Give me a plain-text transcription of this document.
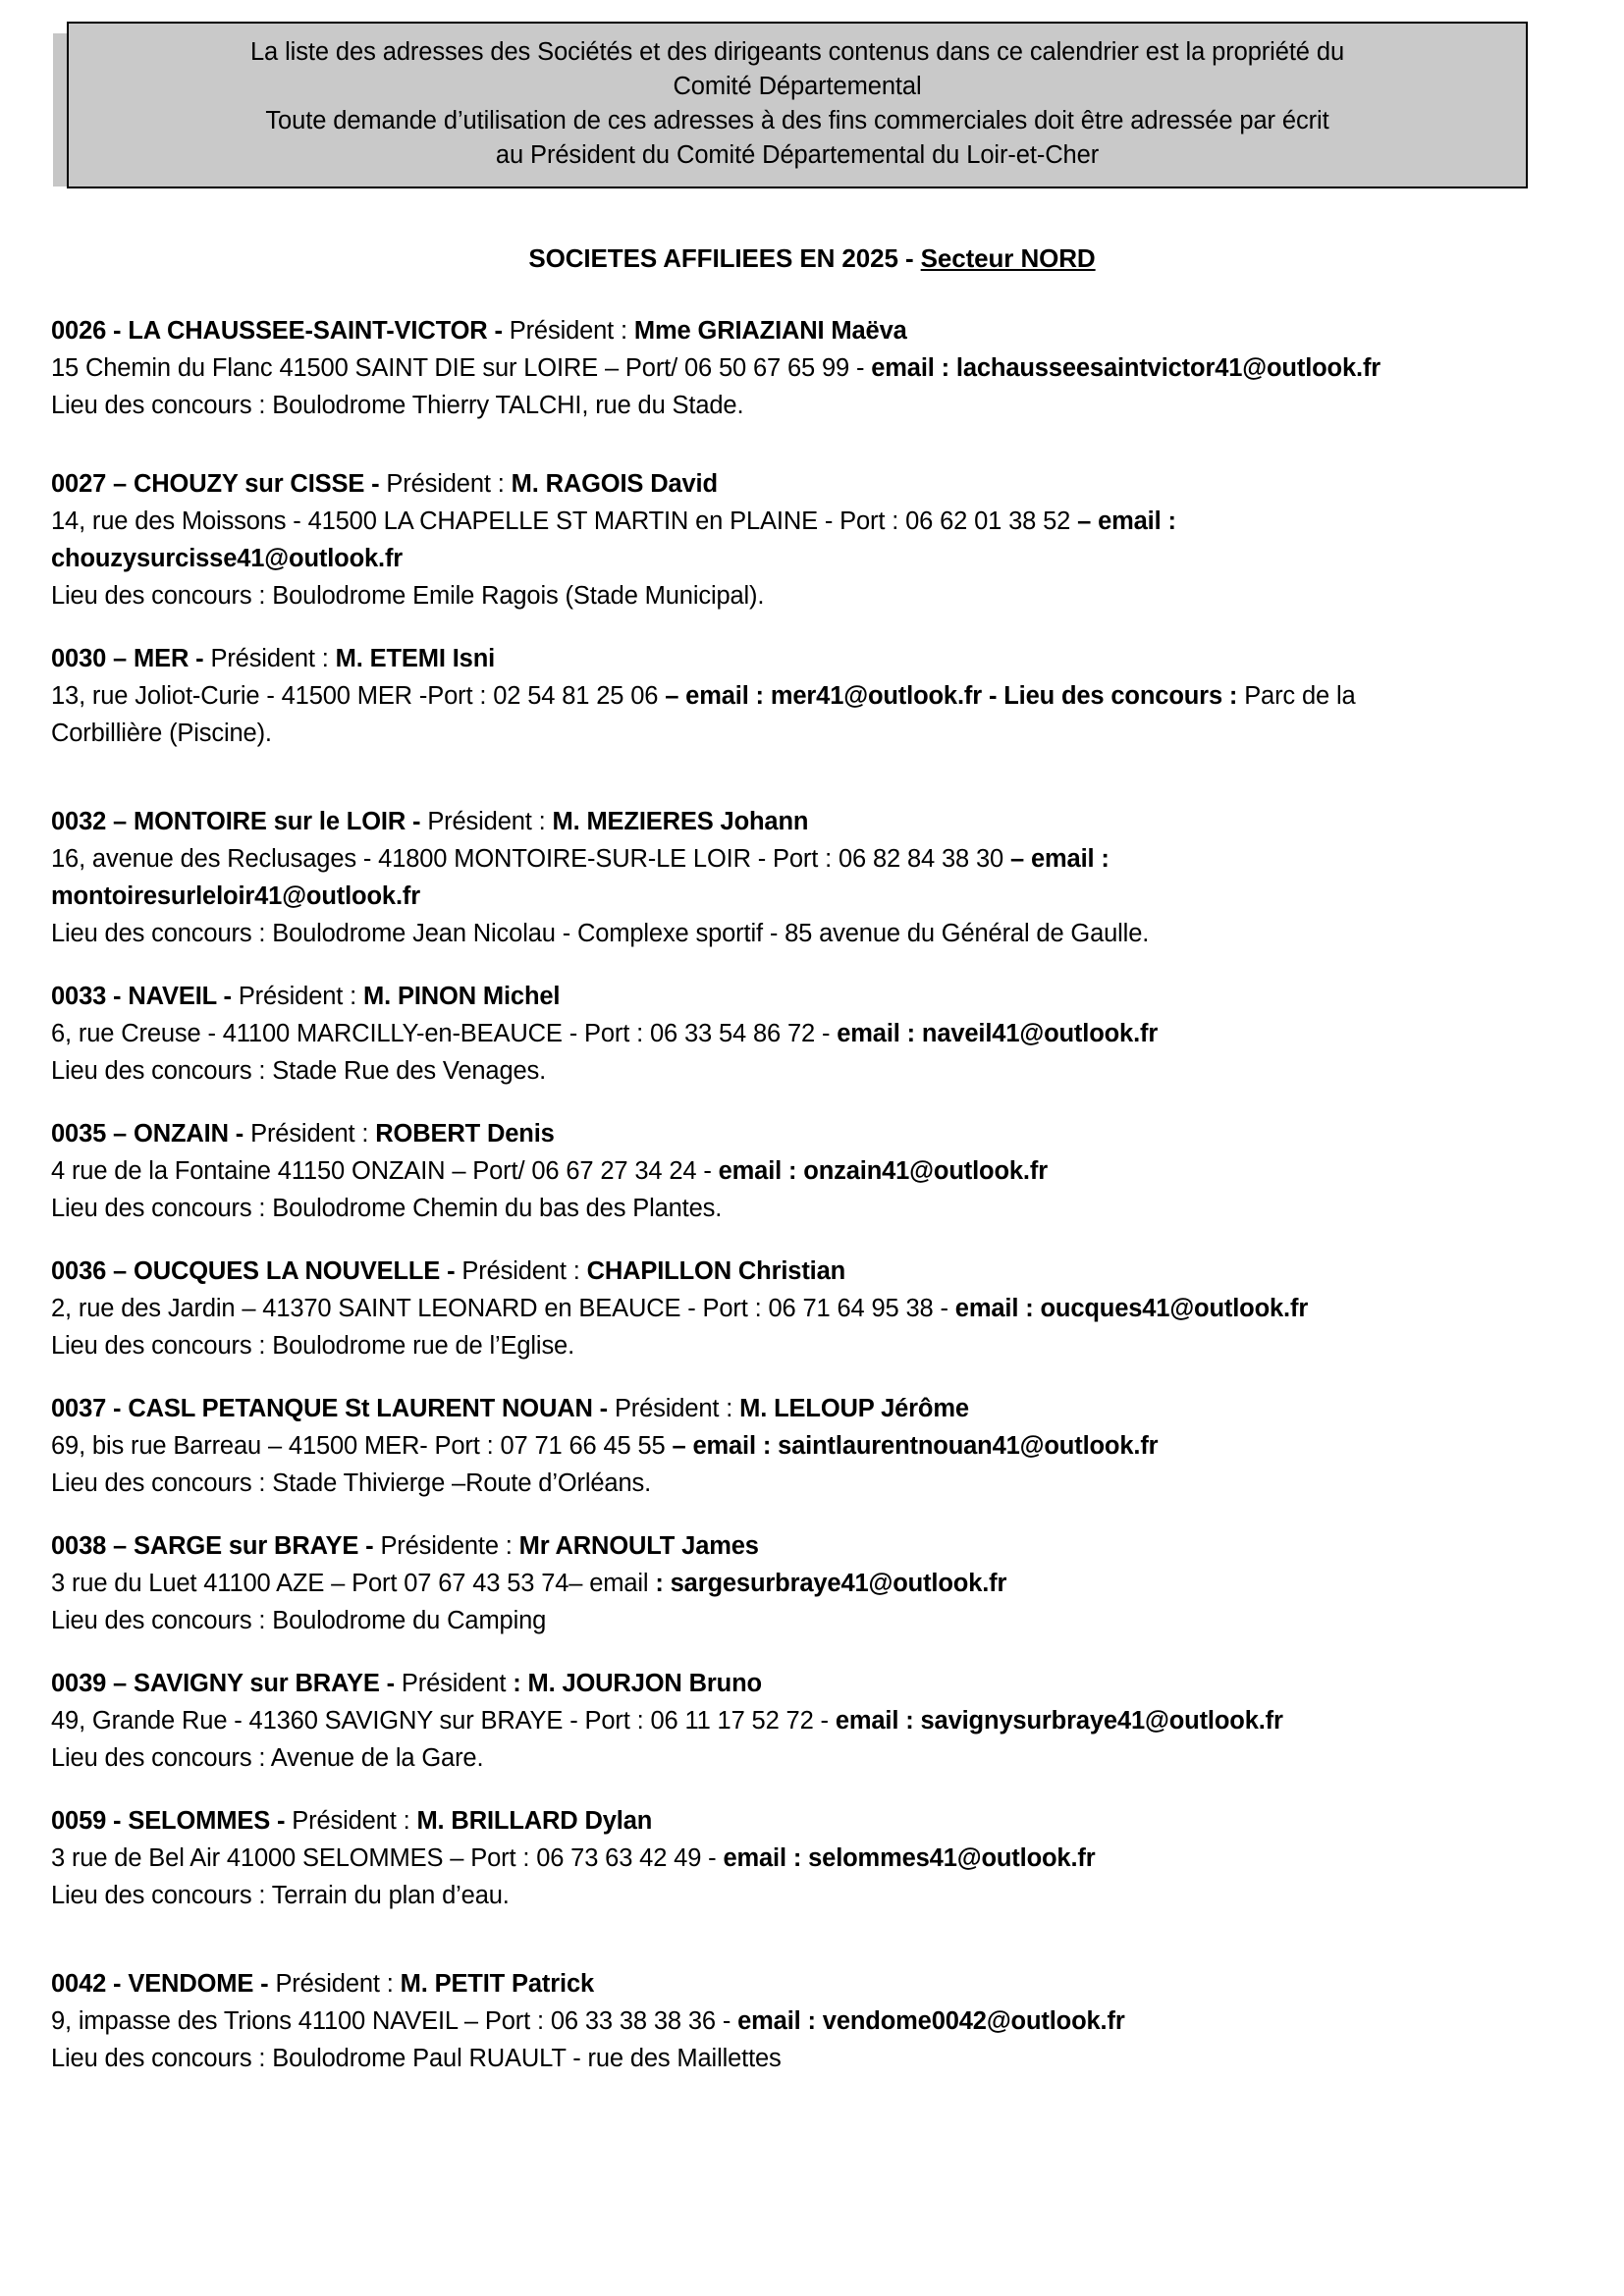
La liste des adresses des Sociétés et des dirigeants contenus dans ce calendrier est la propriété du
Comité Départemental
Toute demande d’utilisation de ces adresses à des fins commerciales doit être adressée par écrit
au Président du Comité Départemental du Loir-et-Cher
SOCIETES AFFILIEES EN 2025 - Secteur NORD
0026 - LA CHAUSSEE-SAINT-VICTOR - Président : Mme GRIAZIANI Maëva
15 Chemin du Flanc 41500 SAINT DIE sur LOIRE – Port/ 06 50 67 65 99 - email : lachausseesaintvictor41@outlook.fr
Lieu des concours : Boulodrome Thierry TALCHI, rue du Stade.
0027 – CHOUZY sur CISSE - Président : M. RAGOIS David
14, rue des Moissons - 41500 LA CHAPELLE ST MARTIN en PLAINE - Port : 06 62 01 38 52 – email :
chouzysurcisse41@outlook.fr
Lieu des concours : Boulodrome Emile Ragois (Stade Municipal).
0030 – MER - Président : M. ETEMI Isni
13, rue Joliot-Curie - 41500 MER -Port : 02 54 81 25 06 – email : mer41@outlook.fr - Lieu des concours : Parc de la
Corbillière (Piscine).
0032 – MONTOIRE sur le LOIR - Président : M. MEZIERES Johann
16, avenue des Reclusages - 41800 MONTOIRE-SUR-LE LOIR - Port : 06 82 84 38 30 – email :
montoiresurleloir41@outlook.fr
Lieu des concours : Boulodrome Jean Nicolau - Complexe sportif - 85 avenue du Général de Gaulle.
0033 - NAVEIL - Président : M. PINON Michel
6, rue Creuse - 41100 MARCILLY-en-BEAUCE - Port : 06 33 54 86 72 - email : naveil41@outlook.fr
Lieu des concours : Stade Rue des Venages.
0035 – ONZAIN - Président : ROBERT Denis
4 rue de la Fontaine 41150 ONZAIN – Port/ 06 67 27 34 24 - email : onzain41@outlook.fr
Lieu des concours : Boulodrome Chemin du bas des Plantes.
0036 – OUCQUES LA NOUVELLE - Président : CHAPILLON Christian
2, rue des Jardin – 41370 SAINT LEONARD en BEAUCE - Port : 06 71 64 95 38 - email : oucques41@outlook.fr
Lieu des concours : Boulodrome rue de l’Eglise.
0037 - CASL PETANQUE St LAURENT NOUAN - Président : M. LELOUP Jérôme
69, bis rue Barreau – 41500 MER- Port : 07 71 66 45 55 – email : saintlaurentnouan41@outlook.fr
Lieu des concours : Stade Thivierge –Route d’Orléans.
0038 – SARGE sur BRAYE - Présidente : Mr ARNOULT James
3 rue du Luet 41100 AZE – Port 07 67 43 53 74– email : sargesurbraye41@outlook.fr
Lieu des concours : Boulodrome du Camping
0039 – SAVIGNY sur BRAYE - Président : M. JOURJON Bruno
49, Grande Rue - 41360 SAVIGNY sur BRAYE - Port : 06 11 17 52 72 - email : savignysurbraye41@outlook.fr
Lieu des concours : Avenue de la Gare.
0059 - SELOMMES - Président : M. BRILLARD Dylan
3 rue de Bel Air 41000 SELOMMES – Port : 06 73 63 42 49 - email : selommes41@outlook.fr
Lieu des concours : Terrain du plan d’eau.
0042 - VENDOME - Président : M. PETIT Patrick
9, impasse des Trions 41100 NAVEIL – Port : 06 33 38 38 36 - email : vendome0042@outlook.fr
Lieu des concours : Boulodrome Paul RUAULT - rue des Maillettes
